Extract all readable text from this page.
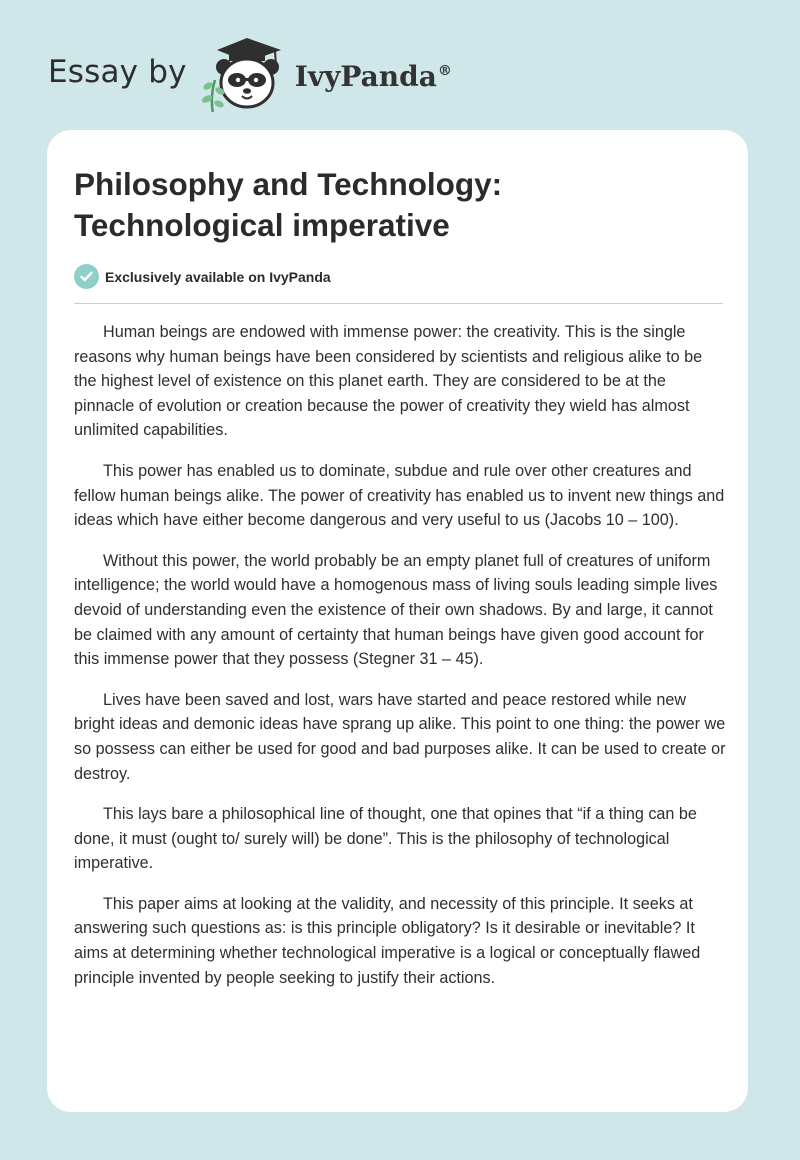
Essay by	IvyPanda®
Philosophy and Technology:
Technological imperative
Exclusively available on IvyPanda

Human beings are endowed with immense power: the creativity. This is the single reasons why human beings have been considered by scientists and religious alike to be the highest level of existence on this planet earth. They are considered to be at the pinnacle of evolution or creation because the power of creativity they wield has almost unlimited capabilities.

This power has enabled us to dominate, subdue and rule over other creatures and fellow human beings alike. The power of creativity has enabled us to invent new things and ideas which have either become dangerous and very useful to us (Jacobs 10 – 100).

Without this power, the world probably be an empty planet full of creatures of uniform intelligence; the world would have a homogenous mass of living souls leading simple lives devoid of understanding even the existence of their own shadows. By and large, it cannot be claimed with any amount of certainty that human beings have given good account for this immense power that they possess (Stegner 31 – 45).

Lives have been saved and lost, wars have started and peace restored while new bright ideas and demonic ideas have sprang up alike. This point to one thing: the power we so possess can either be used for good and bad purposes alike. It can be used to create or destroy.

This lays bare a philosophical line of thought, one that opines that “if a thing can be done, it must (ought to/ surely will) be done”. This is the philosophy of technological imperative.

This paper aims at looking at the validity, and necessity of this principle. It seeks at answering such questions as: is this principle obligatory? Is it desirable or inevitable? It aims at determining whether technological imperative is a logical or conceptually flawed principle invented by people seeking to justify their actions.
